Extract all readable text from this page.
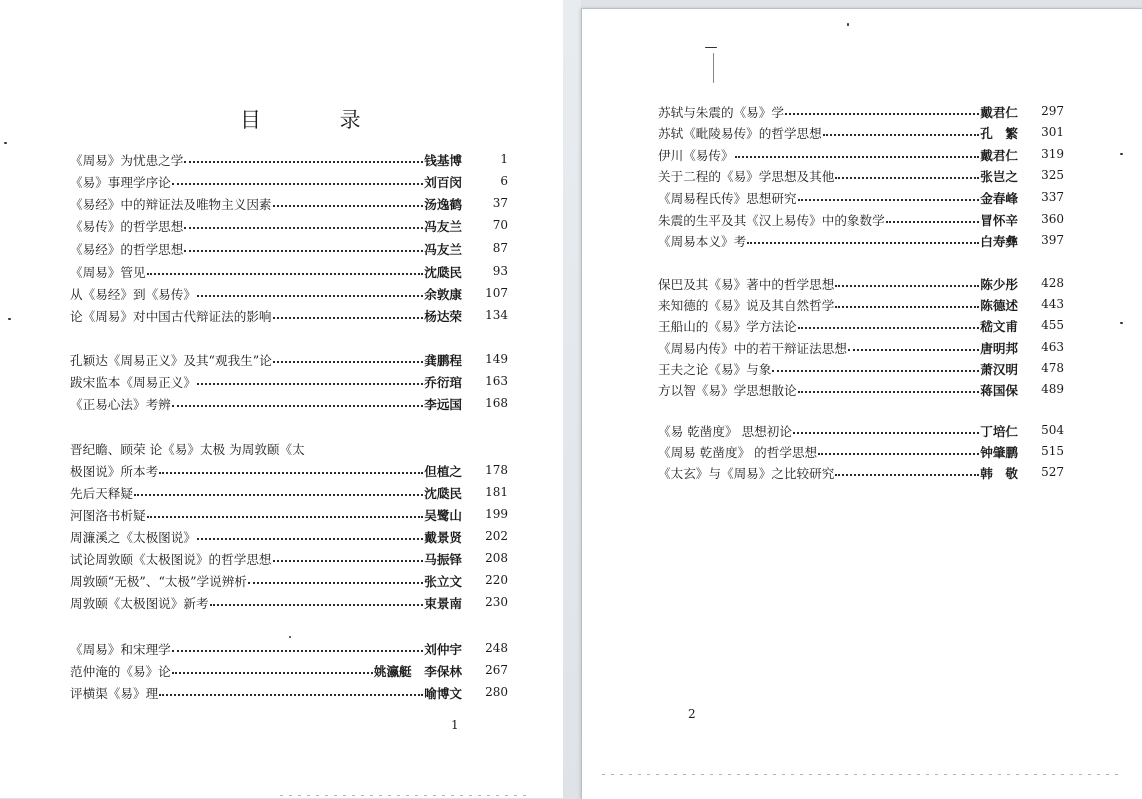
目 录
《周易》为忧患之学	钱基博	1
《易》事理学序论	刘百闵	6
《易经》中的辩证法及唯物主义因素	汤逸鹤	37
《易传》的哲学思想	冯友兰	70
《易经》的哲学思想	冯友兰	87
《周易》管见	沈瓞民	93
从《易经》到《易传》	余敦康	107
论《周易》对中国古代辩证法的影响	杨达荣	134
孔颖达《周易正义》及其“观我生”论	龚鹏程	149
跋宋监本《周易正义》	乔衍琯	163
《正易心法》考辨	李远国	168
晋纪瞻、顾荣 论《易》太极 为周敦颐《太
极图说》所本考	但植之	178
先后天释疑	沈瓞民	181
河图洛书析疑	吴鹭山	199
周濂溪之《太极图说》	戴景贤	202
试论周敦颐《太极图说》的哲学思想	马振铎	208
周敦颐“无极”、“太极”学说辨析	张立文	220
周敦颐《太极图说》新考	束景南	230
《周易》和宋理学	刘仲宇	248
范仲淹的《易》论	姚瀛艇　李保林	267
评横渠《易》理	喻博文	280
1
苏轼与朱震的《易》学	戴君仁	297
苏轼《毗陵易传》的哲学思想	孔　繁	301
伊川《易传》	戴君仁	319
关于二程的《易》学思想及其他	张岂之	325
《周易程氏传》思想研究	金春峰	337
朱震的生平及其《汉上易传》中的象数学	冒怀辛	360
《周易本义》考	白寿彝	397
保巴及其《易》著中的哲学思想	陈少彤	428
来知德的《易》说及其自然哲学	陈德述	443
王船山的《易》学方法论	嵇文甫	455
《周易内传》中的若干辩证法思想	唐明邦	463
王夫之论《易》与象	萧汉明	478
方以智《易》学思想散论	蒋国保	489
《易 乾凿度》 思想初论	丁培仁	504
《周易 乾凿度》 的哲学思想	钟肇鹏	515
《太玄》与《周易》之比较研究	韩　敬	527
2
